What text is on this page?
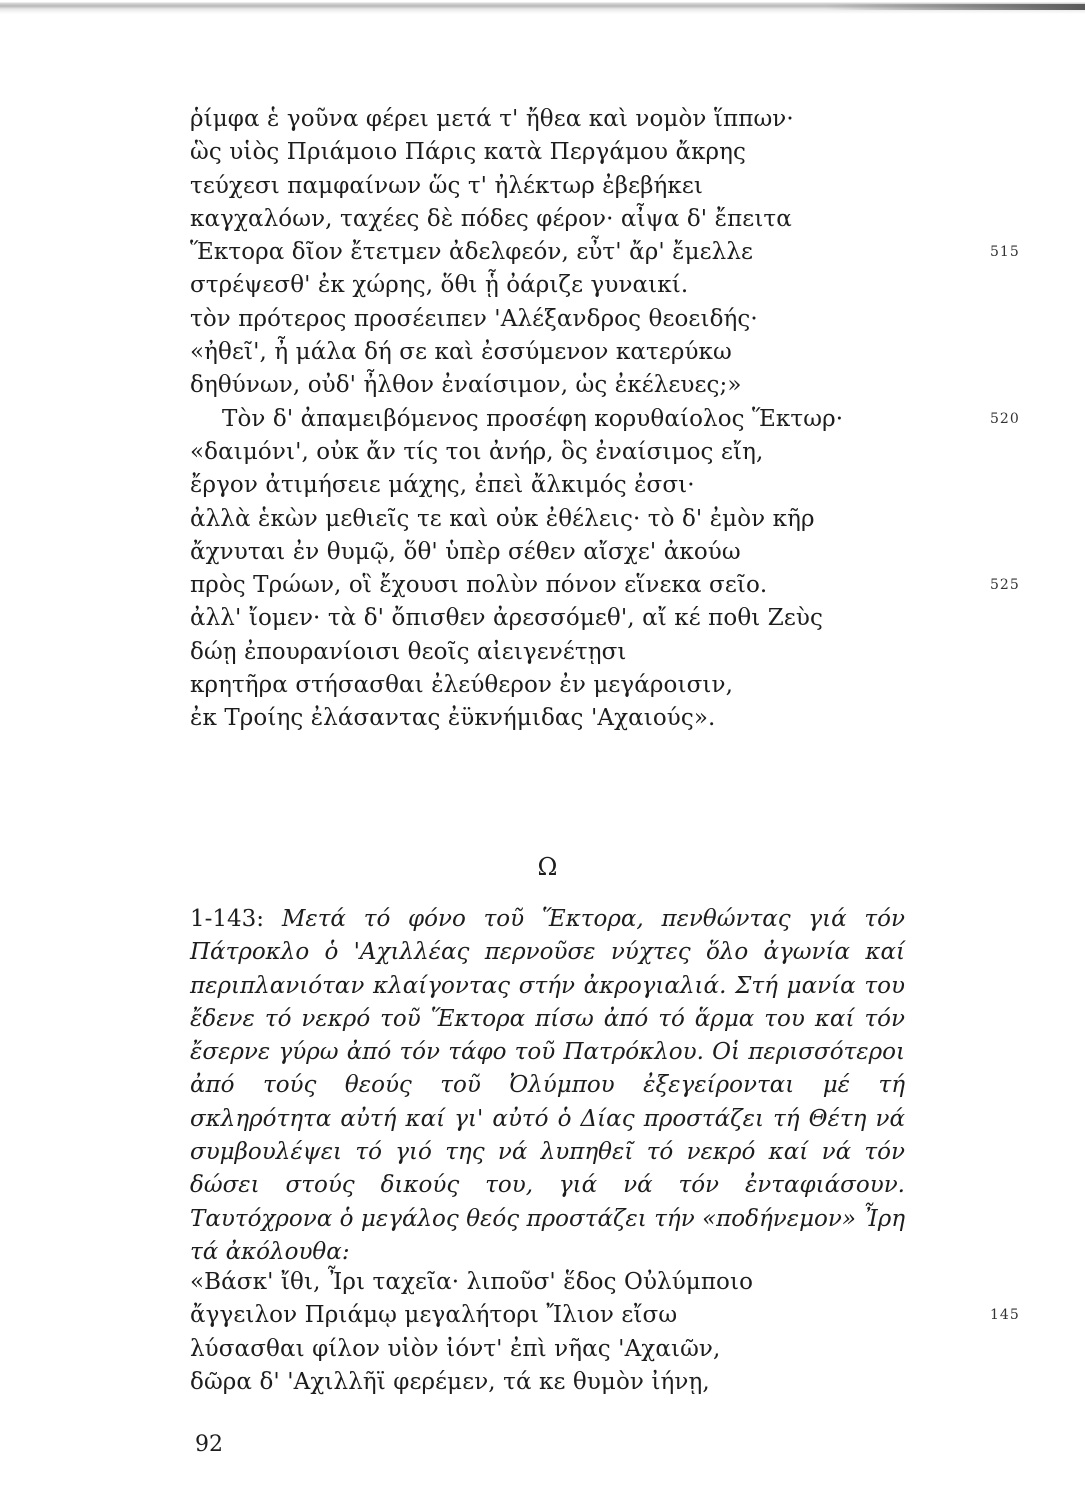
ῥίμφα ἑ γοῦνα φέρει μετά τ' ἤθεα καὶ νομὸν ἵππων·
ὣς υἱὸς Πριάμοιο Πάρις κατὰ Περγάμου ἄκρης
τεύχεσι παμφαίνων ὥς τ' ἠλέκτωρ ἐβεβήκει
καγχαλόων, ταχέες δὲ πόδες φέρον· αἶψα δ' ἔπειτα
Ἕκτορα δῖον ἔτετμεν ἀδελφεόν, εὖτ' ἄρ' ἔμελλε	515
στρέψεσθ' ἐκ χώρης, ὅθι ᾗ ὀάριζε γυναικί.
τὸν πρότερος προσέειπεν 'Αλέξανδρος θεοειδής·
«ἠθεῖ', ἦ μάλα δή σε καὶ ἐσσύμενον κατερύκω
δηθύνων, οὐδ' ἦλθον ἐναίσιμον, ὡς ἐκέλευες;»
Τὸν δ' ἀπαμειβόμενος προσέφη κορυθαίολος Ἕκτωρ·	520
«δαιμόνι', οὐκ ἄν τίς τοι ἀνήρ, ὃς ἐναίσιμος εἴη,
ἔργον ἀτιμήσειε μάχης, ἐπεὶ ἄλκιμός ἐσσι·
ἀλλὰ ἑκὼν μεθιεῖς τε καὶ οὐκ ἐθέλεις· τὸ δ' ἐμὸν κῆρ
ἄχνυται ἐν θυμῷ, ὅθ' ὑπὲρ σέθεν αἴσχε' ἀκούω
πρὸς Τρώων, οἳ ἔχουσι πολὺν πόνον εἵνεκα σεῖο.	525
ἀλλ' ἴομεν· τὰ δ' ὄπισθεν ἀρεσσόμεθ', αἴ κέ ποθι Ζεὺς
δώῃ ἐπουρανίοισι θεοῖς αἰειγενέτῃσι
κρητῆρα στήσασθαι ἐλεύθερον ἐν μεγάροισιν,
ἐκ Τροίης ἐλάσαντας ἐϋκνήμιδας 'Αχαιούς».
Ω
1-143: Μετά τό φόνο τοῦ Ἕκτορα, πενθώντας γιά τόν Πάτροκλο ὁ 'Αχιλλέας περνοῦσε νύχτες ὅλο ἀγωνία καί περιπλανιόταν κλαίγοντας στήν ἀκρογιαλιά. Στή μανία του ἔδενε τό νεκρό τοῦ Ἕκτορα πίσω ἀπό τό ἅρμα του καί τόν ἔσερνε γύρω ἀπό τόν τάφο τοῦ Πατρόκλου. Οἱ περισσότεροι ἀπό τούς θεούς τοῦ Ὀλύμπου ἐξεγείρονται μέ τή σκληρότητα αὐτή καί γι' αὐτό ὁ Δίας προστάζει τή Θέτη νά συμβουλέψει τό γιό της νά λυπηθεῖ τό νεκρό καί νά τόν δώσει στούς δικούς του, γιά νά τόν ἐνταφιάσουν. Ταυτόχρονα ὁ μεγάλος θεός προστάζει τήν «ποδήνεμον» Ἶρη τά ἀκόλουθα:
«Βάσκ' ἴθι, Ἶρι ταχεῖα· λιποῦσ' ἕδος Οὐλύμποιο
ἄγγειλον Πριάμῳ μεγαλήτορι Ἴλιον εἴσω	145
λύσασθαι φίλον υἱὸν ἰόντ' ἐπὶ νῆας 'Αχαιῶν,
δῶρα δ' 'Αχιλλῆϊ φερέμεν, τά κε θυμὸν ἰήνῃ,
92
